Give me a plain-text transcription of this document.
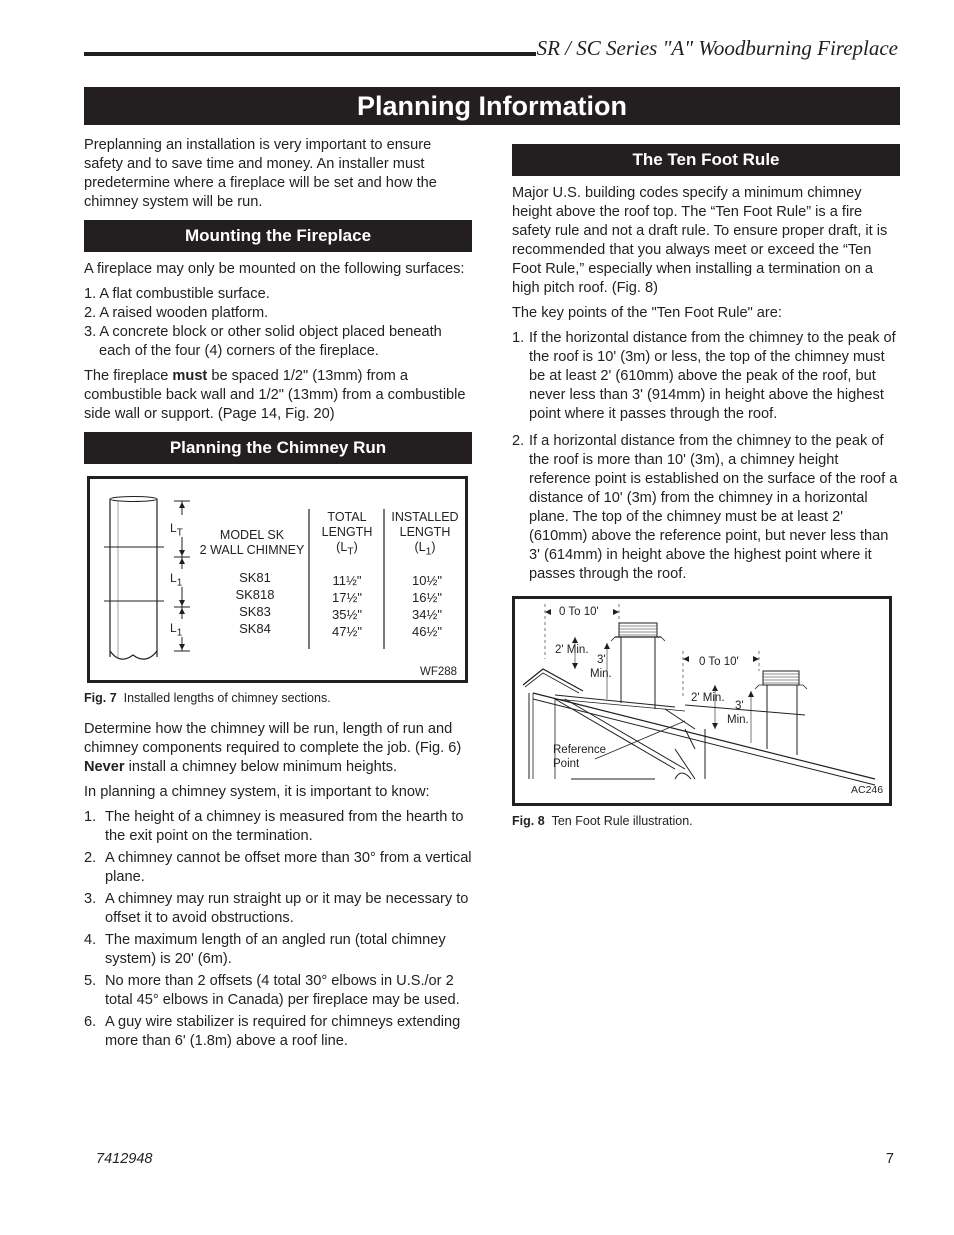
SR / SC Series "A" Woodburning Fireplace
Planning Information

Preplanning an installation is very important to ensure safety and to save time and money. An installer must predetermine where a fireplace will be set and how the chimney system will be run.

Mounting the Fireplace

A fireplace may only be mounted on the following surfaces:

1. A flat combustible surface.
2. A raised wooden platform.
3. A concrete block or other solid object placed beneath each of the four (4) corners of the fireplace.

The fireplace must be spaced 1/2" (13mm) from a combustible back wall and 1/2" (13mm) from a combustible side wall or support. (Page 14, Fig. 20)

Planning the Chimney Run
$L_T$
$L_1$
$L_1$
MODEL SK
2 WALL CHIMNEY
TOTAL
LENGTH
$(L_T)$
INSTALLED
LENGTH
$(L_1)$
SK81
SK818
SK83
SK84
11½"
17½"
35½"
47½"
10½"
16½"
34½"
46½"
WF288
Fig. 7 Installed lengths of chimney sections.

Determine how the chimney will be run, length of run and chimney components required to complete the job. (Fig. 6) Never install a chimney below minimum heights.

In planning a chimney system, it is important to know:

1. The height of a chimney is measured from the hearth to the exit point on the termination.
2. A chimney cannot be offset more than 30° from a vertical plane.
3. A chimney may run straight up or it may be necessary to offset it to avoid obstructions.
4. The maximum length of an angled run (total chimney system) is 20' (6m).
5. No more than 2 offsets (4 total 30° elbows in U.S./or 2 total 45° elbows in Canada) per fireplace may be used.
6. A guy wire stabilizer is required for chimneys extending more than 6' (1.8m) above a roof line.
The Ten Foot Rule

Major U.S. building codes specify a minimum chimney height above the roof top. The “Ten Foot Rule” is a fire safety rule and not a draft rule. To ensure proper draft, it is recommended that you always meet or exceed the “Ten Foot Rule,” especially when installing a termination on a high pitch roof. (Fig. 8)

The key points of the "Ten Foot Rule" are:

1. If the horizontal distance from the chimney to the peak of the roof is 10' (3m) or less, the top of the chimney must be at least 2' (610mm) above the peak of the roof, but never less than 3' (914mm) in height above the highest point where it passes through the roof.
2. If a horizontal distance from the chimney to the peak of the roof is more than 10' (3m), a chimney height reference point is established on the surface of the roof a distance of 10' (3m) from the chimney in a horizontal plane. The top of the chimney must be at least 2' (610mm) above the reference point, but never less than 3' (614mm) in height above the highest point where it passes through the roof.
0 To 10'
2' Min.
3'
Min.
0 To 10'
2' Min.
3'
Min.
Reference
Point
AC246
Fig. 8 Ten Foot Rule illustration.
7412948	7
